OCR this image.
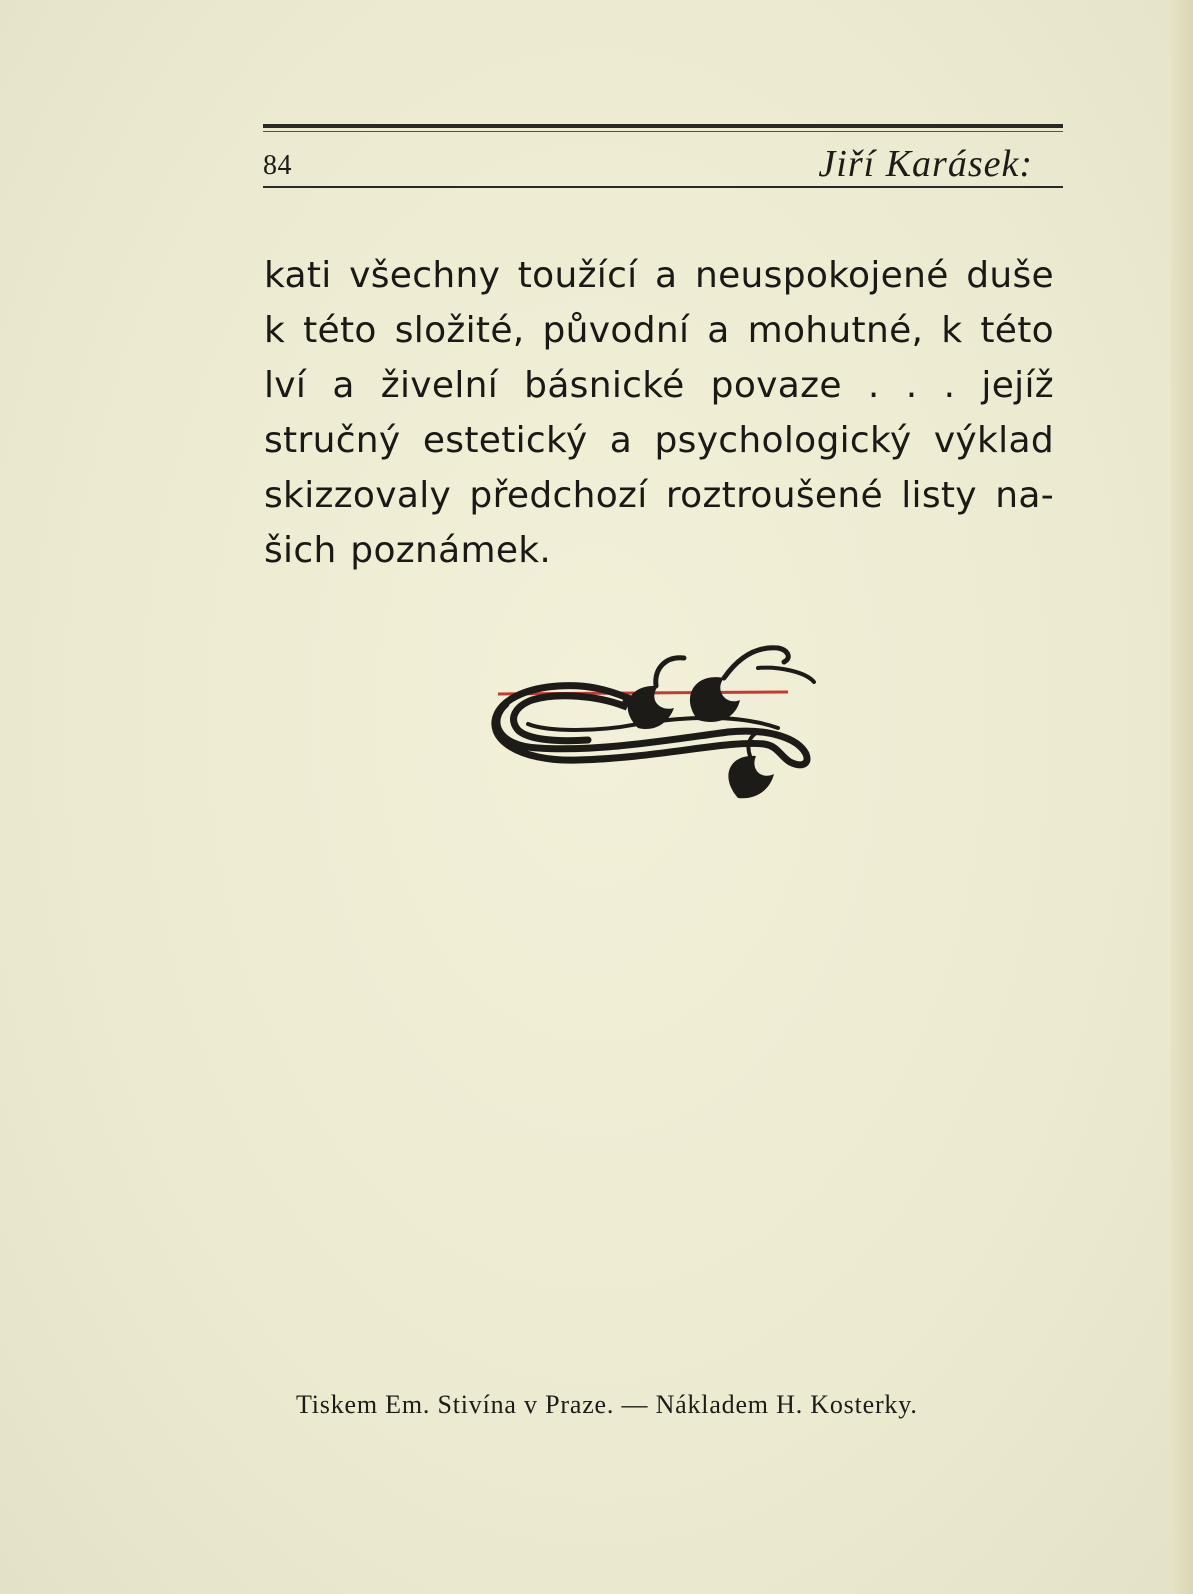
84	Jiří Karásek:
kati všechny toužící a neuspokojené duše
k této složité, původní a mohutné, k této
lví a živelní básnické povaze . . . jejíž
stručný estetický a psychologický výklad
skizzovaly předchozí roztroušené listy na-
šich poznámek.
Tiskem Em. Stivína v Praze. — Nákladem H. Kosterky.
